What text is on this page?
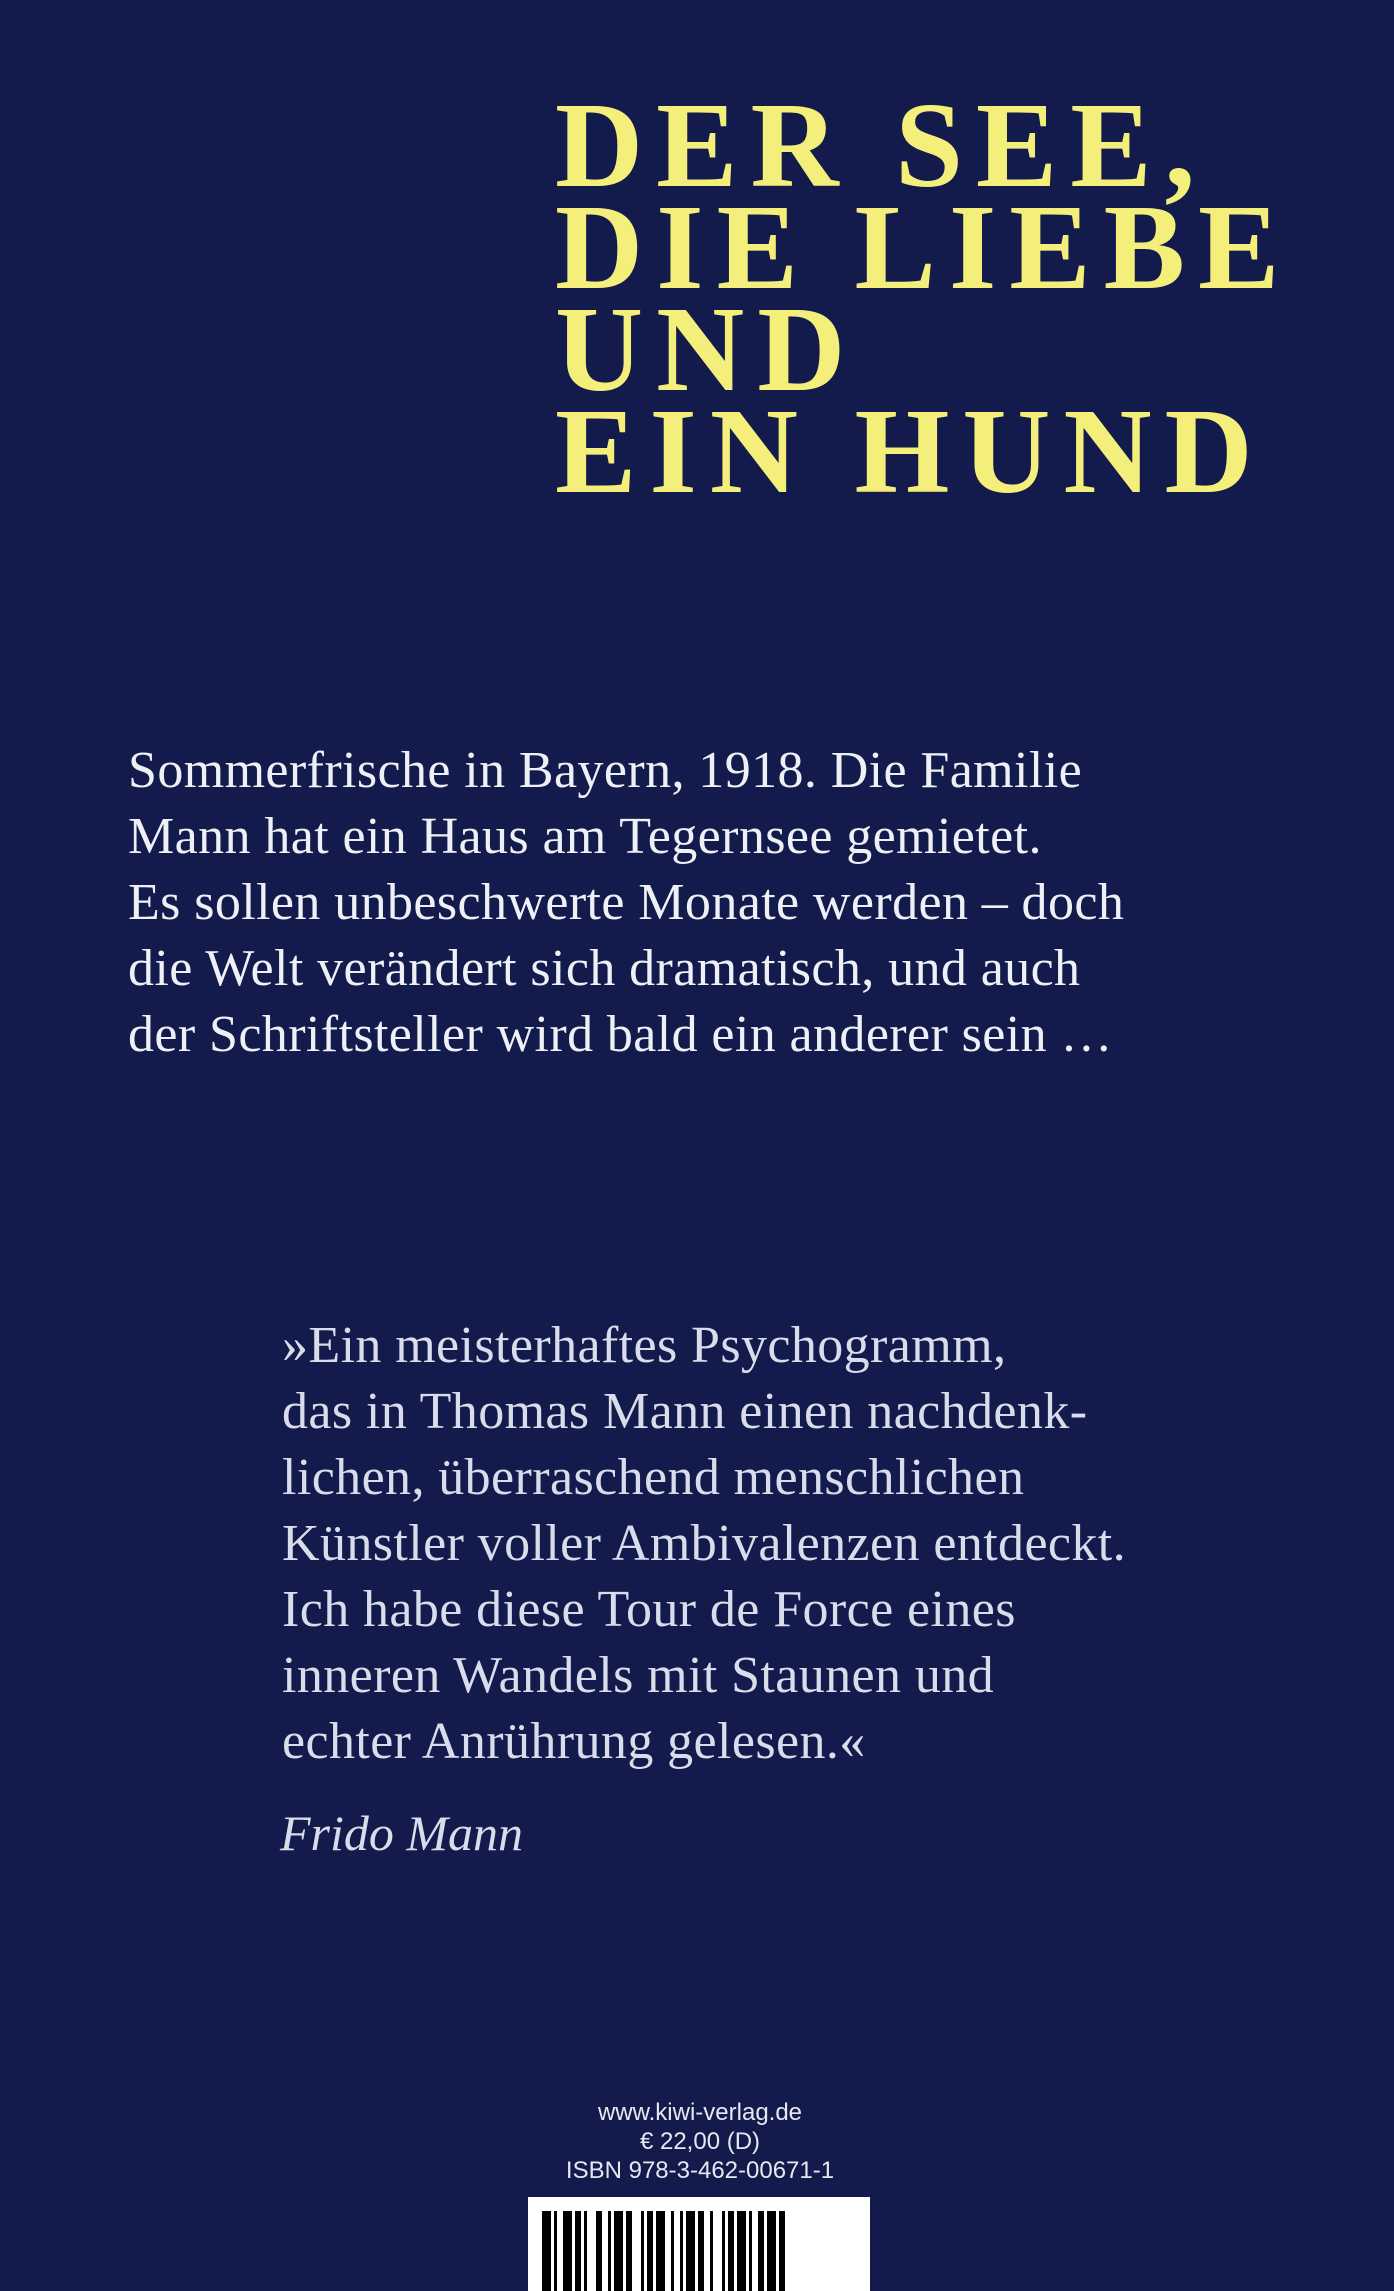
DER SEE,
DIE LIEBE
UND
EIN HUND
Sommerfrische in Bayern, 1918. Die Familie
Mann hat ein Haus am Tegernsee gemietet.
Es sollen unbeschwerte Monate werden – doch
die Welt verändert sich dramatisch, und auch
der Schriftsteller wird bald ein anderer sein …
»Ein meisterhaftes Psychogramm,
das in Thomas Mann einen nachdenk-
lichen, überraschend menschlichen
Künstler voller Ambivalenzen entdeckt.
Ich habe diese Tour de Force eines
inneren Wandels mit Staunen und
echter Anrührung gelesen.«
Frido Mann
www.kiwi-verlag.de
€ 22,00 (D)
ISBN 978-3-462-00671-1
